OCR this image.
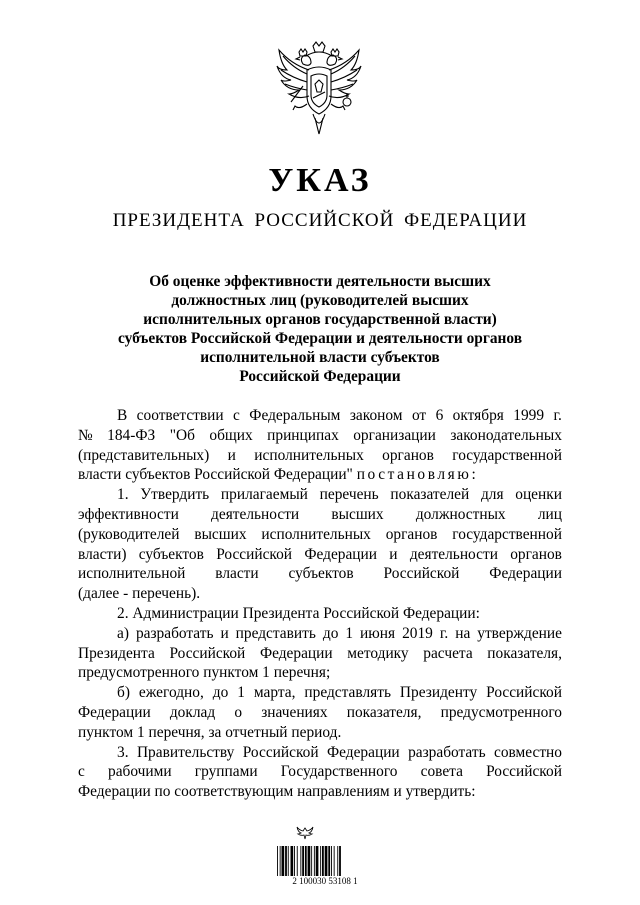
УКАЗ
ПРЕЗИДЕНТА РОССИЙСКОЙ ФЕДЕРАЦИИ
Об оценке эффективности деятельности высших
должностных лиц (руководителей высших
исполнительных органов государственной власти)
субъектов Российской Федерации и деятельности органов
исполнительной власти субъектов
Российской Федерации
В соответствии с Федеральным законом от 6 октября 1999 г.
№ 184-ФЗ "Об общих принципах организации законодательных
(представительных) и исполнительных органов государственной
власти субъектов Российской Федерации" постановляю:
1. Утвердить прилагаемый перечень показателей для оценки
эффективности деятельности высших должностных лиц
(руководителей высших исполнительных органов государственной
власти) субъектов Российской Федерации и деятельности органов
исполнительной власти субъектов Российской Федерации
(далее - перечень).
2. Администрации Президента Российской Федерации:
а) разработать и представить до 1 июня 2019 г. на утверждение
Президента Российской Федерации методику расчета показателя,
предусмотренного пунктом 1 перечня;
б) ежегодно, до 1 марта, представлять Президенту Российской
Федерации доклад о значениях показателя, предусмотренного
пунктом 1 перечня, за отчетный период.
3. Правительству Российской Федерации разработать совместно
с рабочими группами Государственного совета Российской
Федерации по соответствующим направлениям и утвердить:
2 100030 53108 1
